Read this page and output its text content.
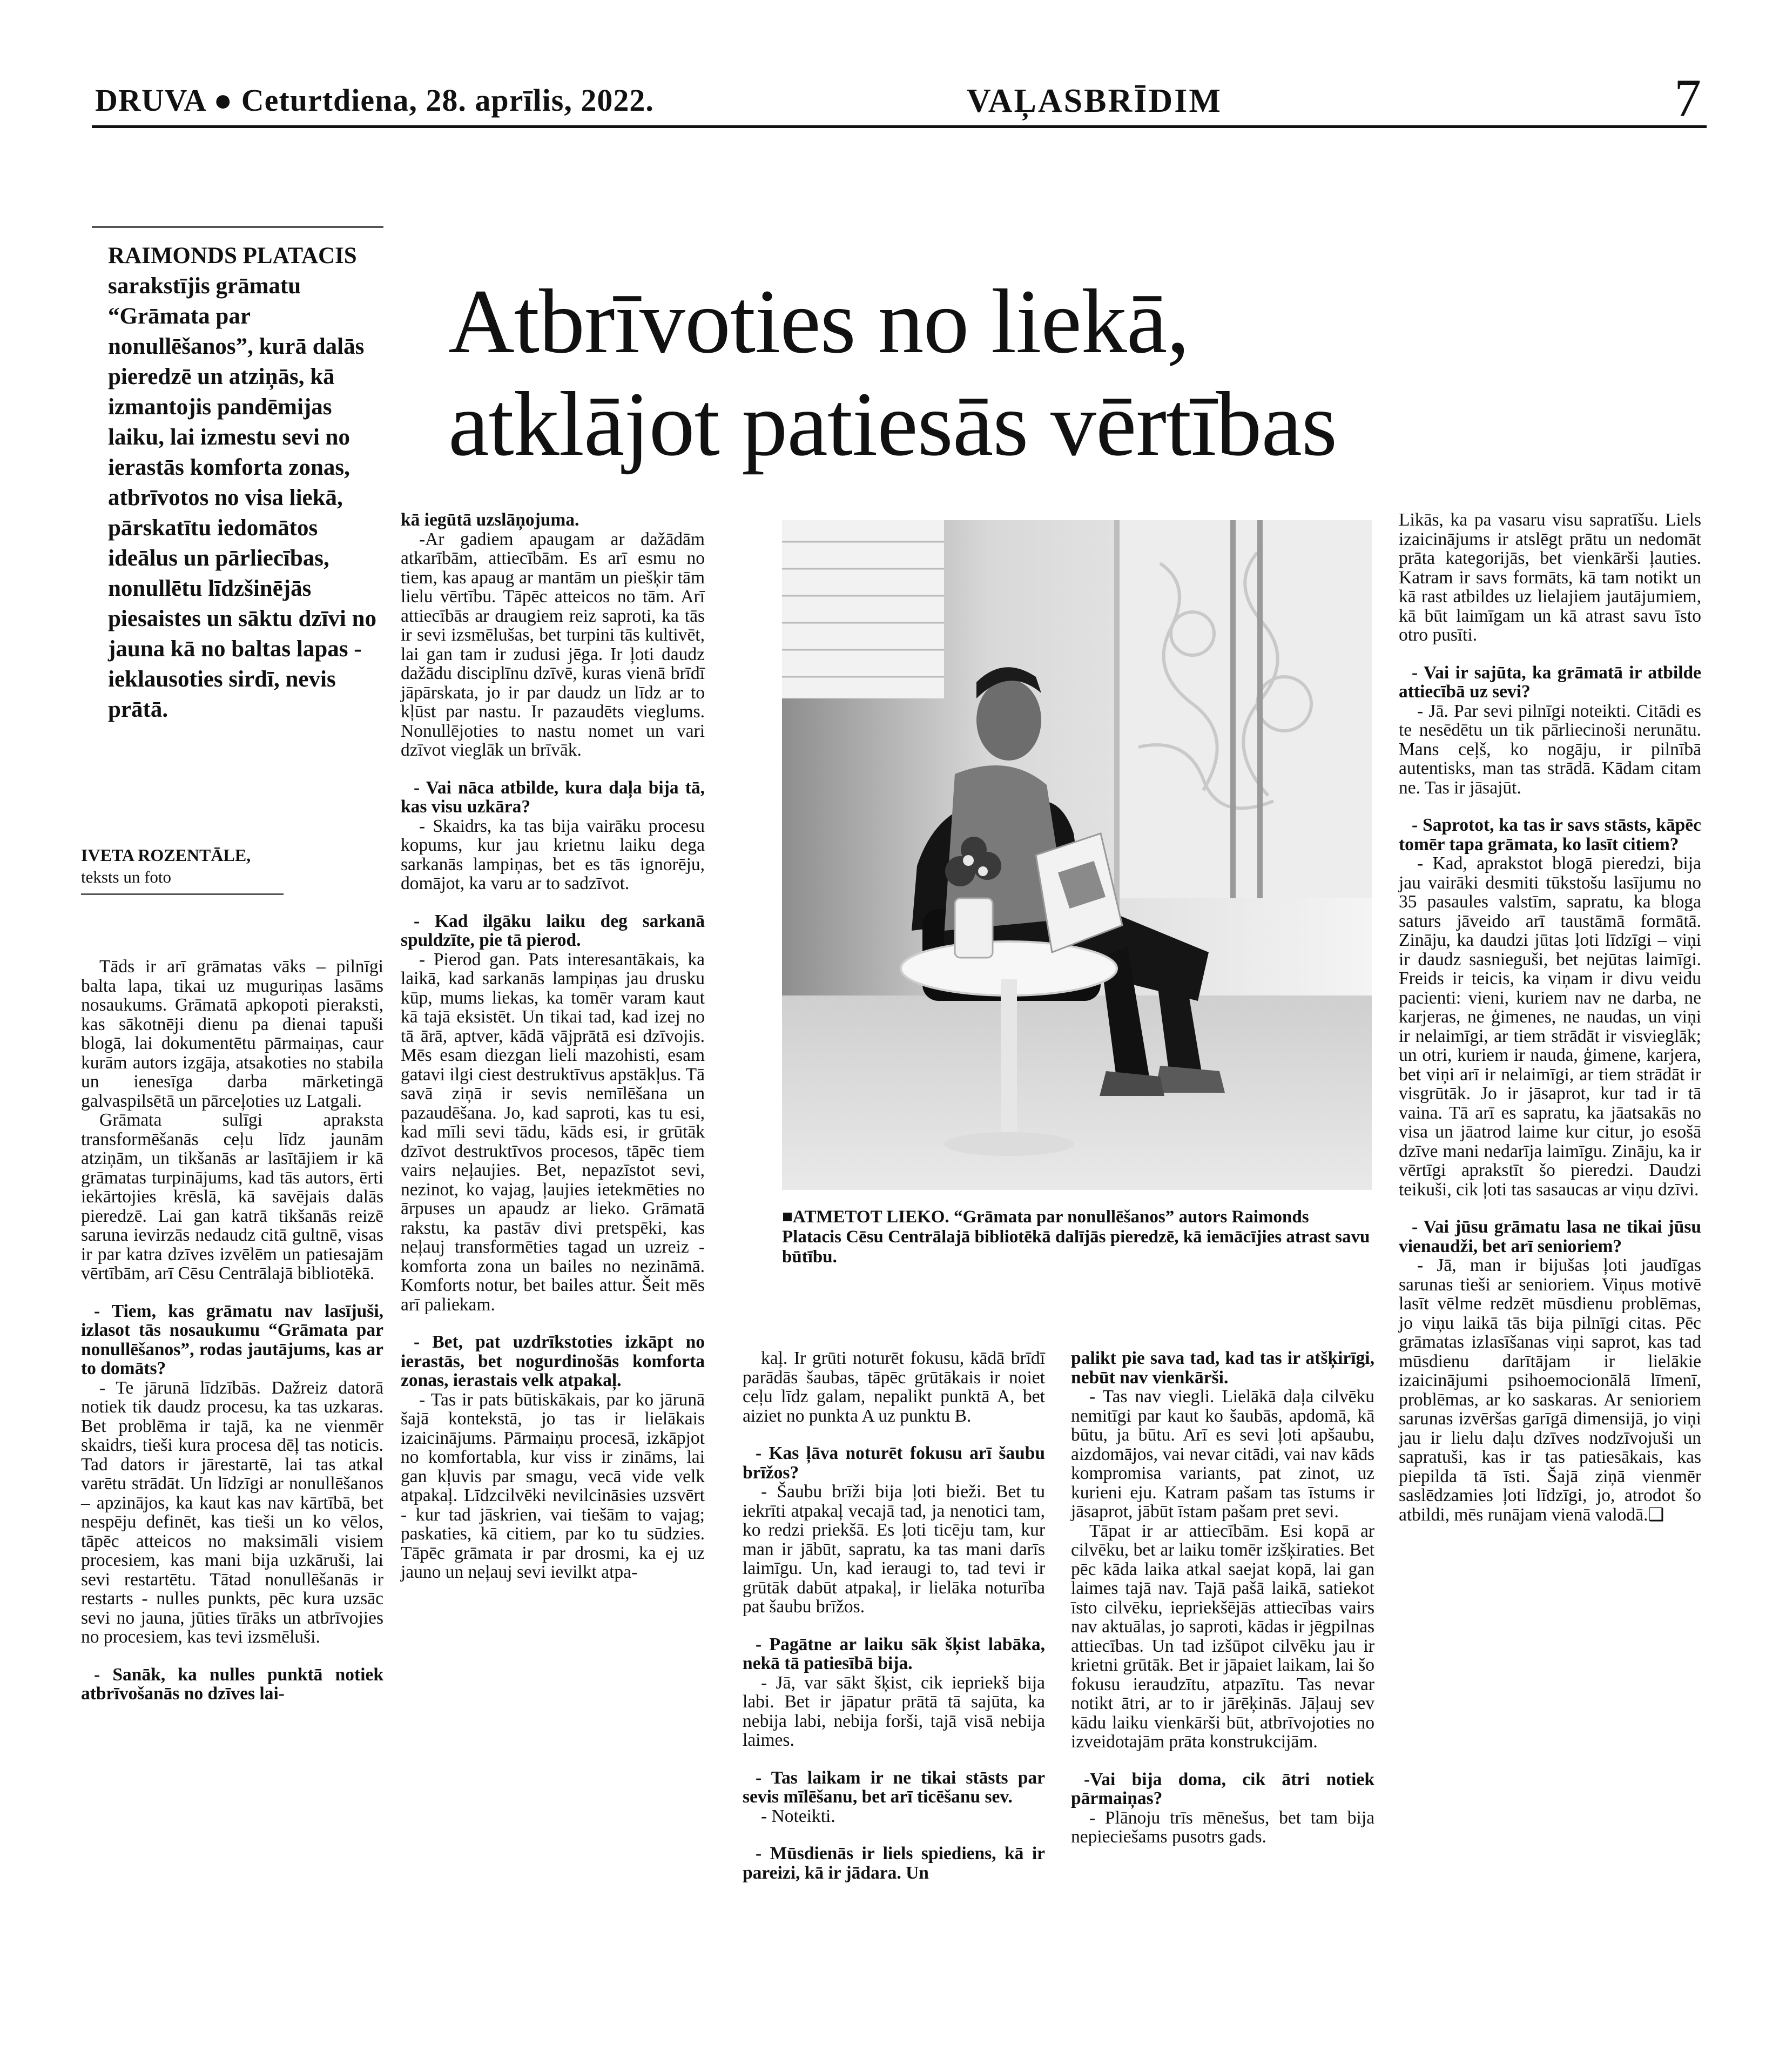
DRUVA ● Ceturtdiena, 28. aprīlis, 2022.	VAĻASBRĪDIM	7
RAIMONDS PLATACIS sarakstījis grāmatu “Grāmata par nonullēšanos”, kurā dalās pieredzē un atziņās, kā izmantojis pandēmijas laiku, lai izmestu sevi no ierastās komforta zonas, atbrīvotos no visa liekā, pārskatītu iedomātos ideālus un pārliecības, nonullētu līdzšinējās piesaistes un sāktu dzīvi no jauna kā no baltas lapas - ieklausoties sirdī, nevis prātā.
IVETA ROZENTĀLE,
teksts un foto
Atbrīvoties no liekā,
atklājot patiesās vērtības

Tāds ir arī grāmatas vāks – pilnīgi balta lapa, tikai uz muguriņas lasāms nosaukums. Grāmatā apkopoti pieraksti, kas sākotnēji dienu pa dienai tapuši blogā, lai dokumentētu pārmaiņas, caur kurām autors izgāja, atsakoties no stabila un ienesīga darba mārketingā galvaspilsētā un pārceļoties uz Latgali.

Grāmata sulīgi apraksta transformēšanās ceļu līdz jaunām atziņām, un tikšanās ar lasītājiem ir kā grāmatas turpinājums, kad tās autors, ērti iekārtojies krēslā, kā savējais dalās pieredzē. Lai gan katrā tikšanās reizē saruna ievirzās nedaudz citā gultnē, visas ir par katra dzīves izvēlēm un patiesajām vērtībām, arī Cēsu Centrālajā bibliotēkā.

- Tiem, kas grāmatu nav lasījuši, izlasot tās nosaukumu “Grāmata par nonullēšanos”, rodas jautājums, kas ar to domāts?

- Te jārunā līdzībās. Dažreiz datorā notiek tik daudz procesu, ka tas uzkaras. Bet problēma ir tajā, ka ne vienmēr skaidrs, tieši kura procesa dēļ tas noticis. Tad dators ir jārestartē, lai tas atkal varētu strādāt. Un līdzīgi ar nonullēšanos – apzinājos, ka kaut kas nav kārtībā, bet nespēju definēt, kas tieši un ko vēlos, tāpēc atteicos no maksimāli visiem procesiem, kas mani bija uzkāruši, lai sevi restartētu. Tātad nonullēšanās ir restarts - nulles punkts, pēc kura uzsāc sevi no jauna, jūties tīrāks un atbrīvojies no procesiem, kas tevi izsmēluši.

- Sanāk, ka nulles punktā notiek atbrīvošanās no dzīves lai-

kā iegūtā uzslāņojuma.

-Ar gadiem apaugam ar dažādām atkarībām, attiecībām. Es arī esmu no tiem, kas apaug ar mantām un piešķir tām lielu vērtību. Tāpēc atteicos no tām. Arī attiecībās ar draugiem reiz saproti, ka tās ir sevi izsmēlušas, bet turpini tās kultivēt, lai gan tam ir zudusi jēga. Ir ļoti daudz dažādu disciplīnu dzīvē, kuras vienā brīdī jāpārskata, jo ir par daudz un līdz ar to kļūst par nastu. Ir pazaudēts vieglums. Nonullējoties to nastu nomet un vari dzīvot vieglāk un brīvāk.

- Vai nāca atbilde, kura daļa bija tā, kas visu uzkāra?

- Skaidrs, ka tas bija vairāku procesu kopums, kur jau krietnu laiku dega sarkanās lampiņas, bet es tās ignorēju, domājot, ka varu ar to sadzīvot.

- Kad ilgāku laiku deg sarkanā spuldzīte, pie tā pierod.

- Pierod gan. Pats interesantākais, ka laikā, kad sarkanās lampiņas jau drusku kūp, mums liekas, ka tomēr varam kaut kā tajā eksistēt. Un tikai tad, kad izej no tā ārā, aptver, kādā vājprātā esi dzīvojis. Mēs esam diezgan lieli mazohisti, esam gatavi ilgi ciest destruktīvus apstākļus. Tā savā ziņā ir sevis nemīlēšana un pazaudēšana. Jo, kad saproti, kas tu esi, kad mīli sevi tādu, kāds esi, ir grūtāk dzīvot destruktīvos procesos, tāpēc tiem vairs neļaujies. Bet, nepazīstot sevi, nezinot, ko vajag, ļaujies ietekmēties no ārpuses un apaudz ar lieko. Grāmatā rakstu, ka pastāv divi pretspēki, kas neļauj transformēties tagad un uzreiz - komforta zona un bailes no nezināmā. Komforts notur, bet bailes attur. Šeit mēs arī paliekam.

- Bet, pat uzdrīkstoties izkāpt no ierastās, bet nogurdinošās komforta zonas, ierastais velk atpakaļ.

- Tas ir pats būtiskākais, par ko jārunā šajā kontekstā, jo tas ir lielākais izaicinājums. Pārmaiņu procesā, izkāpjot no komfortabla, kur viss ir zināms, lai gan kļuvis par smagu, vecā vide velk atpakaļ. Līdzcilvēki nevilcināsies uzsvērt - kur tad jāskrien, vai tiešām to vajag; paskaties, kā citiem, par ko tu sūdzies. Tāpēc grāmata ir par drosmi, ka ej uz jauno un neļauj sevi ievilkt atpa-

kaļ. Ir grūti noturēt fokusu, kādā brīdī parādās šaubas, tāpēc grūtākais ir noiet ceļu līdz galam, nepalikt punktā A, bet aiziet no punkta A uz punktu B.

- Kas ļāva noturēt fokusu arī šaubu brīžos?

- Šaubu brīži bija ļoti bieži. Bet tu iekrīti atpakaļ vecajā tad, ja nenotici tam, ko redzi priekšā. Es ļoti ticēju tam, kur man ir jābūt, sapratu, ka tas mani darīs laimīgu. Un, kad ieraugi to, tad tevi ir grūtāk dabūt atpakaļ, ir lielāka noturība pat šaubu brīžos.

- Pagātne ar laiku sāk šķist labāka, nekā tā patiesībā bija.

- Jā, var sākt šķist, cik iepriekš bija labi. Bet ir jāpatur prātā tā sajūta, ka nebija labi, nebija forši, tajā visā nebija laimes.

- Tas laikam ir ne tikai stāsts par sevis mīlēšanu, bet arī ticēšanu sev.

- Noteikti.

- Mūsdienās ir liels spiediens, kā ir pareizi, kā ir jādara. Un

palikt pie sava tad, kad tas ir atšķirīgi, nebūt nav vienkārši.

- Tas nav viegli. Lielākā daļa cilvēku nemitīgi par kaut ko šaubās, apdomā, kā būtu, ja būtu. Arī es sevi ļoti apšaubu, aizdomājos, vai nevar citādi, vai nav kāds kompromisa variants, pat zinot, uz kurieni eju. Katram pašam tas īstums ir jāsaprot, jābūt īstam pašam pret sevi.

Tāpat ir ar attiecībām. Esi kopā ar cilvēku, bet ar laiku tomēr izšķiraties. Bet pēc kāda laika atkal saejat kopā, lai gan laimes tajā nav. Tajā pašā laikā, satiekot īsto cilvēku, iepriekšējās attiecības vairs nav aktuālas, jo saproti, kādas ir jēgpilnas attiecības. Un tad izšūpot cilvēku jau ir krietni grūtāk. Bet ir jāpaiet laikam, lai šo fokusu ieraudzītu, atpazītu. Tas nevar notikt ātri, ar to ir jārēķinās. Jāļauj sev kādu laiku vienkārši būt, atbrīvojoties no izveidotajām prāta konstrukcijām.

-Vai bija doma, cik ātri notiek pārmaiņas?

- Plānoju trīs mēnešus, bet tam bija nepieciešams pusotrs gads.

Likās, ka pa vasaru visu sapratīšu. Liels izaicinājums ir atslēgt prātu un nedomāt prāta kategorijās, bet vienkārši ļauties. Katram ir savs formāts, kā tam notikt un kā rast atbildes uz lielajiem jautājumiem, kā būt laimīgam un kā atrast savu īsto otro pusīti.

- Vai ir sajūta, ka grāmatā ir atbilde attiecībā uz sevi?

- Jā. Par sevi pilnīgi noteikti. Citādi es te nesēdētu un tik pārliecinoši nerunātu. Mans ceļš, ko nogāju, ir pilnībā autentisks, man tas strādā. Kādam citam ne. Tas ir jāsajūt.

- Saprotot, ka tas ir savs stāsts, kāpēc tomēr tapa grāmata, ko lasīt citiem?

- Kad, aprakstot blogā pieredzi, bija jau vairāki desmiti tūkstošu lasījumu no 35 pasaules valstīm, sapratu, ka bloga saturs jāveido arī taustāmā formātā. Zināju, ka daudzi jūtas ļoti līdzīgi – viņi ir daudz sasnieguši, bet nejūtas laimīgi. Freids ir teicis, ka viņam ir divu veidu pacienti: vieni, kuriem nav ne darba, ne karjeras, ne ģimenes, ne naudas, un viņi ir nelaimīgi, ar tiem strādāt ir visvieglāk; un otri, kuriem ir nauda, ģimene, karjera, bet viņi arī ir nelaimīgi, ar tiem strādāt ir visgrūtāk. Jo ir jāsaprot, kur tad ir tā vaina. Tā arī es sapratu, ka jāatsakās no visa un jāatrod laime kur citur, jo esošā dzīve mani nedarīja laimīgu. Zināju, ka ir vērtīgi aprakstīt šo pieredzi. Daudzi teikuši, cik ļoti tas sasaucas ar viņu dzīvi.

- Vai jūsu grāmatu lasa ne tikai jūsu vienaudži, bet arī senioriem?

- Jā, man ir bijušas ļoti jaudīgas sarunas tieši ar senioriem. Viņus motivē lasīt vēlme redzēt mūsdienu problēmas, jo viņu laikā tās bija pilnīgi citas. Pēc grāmatas izlasīšanas viņi saprot, kas tad mūsdienu darītājam ir lielākie izaicinājumi psihoemocionālā līmenī, problēmas, ar ko saskaras. Ar senioriem sarunas izvēršas garīgā dimensijā, jo viņi jau ir lielu daļu dzīves nodzīvojuši un sapratuši, kas ir tas patiesākais, kas piepilda tā īsti. Šajā ziņā vienmēr saslēdzamies ļoti līdzīgi, jo, atrodot šo atbildi, mēs runājam vienā valodā.❑

■ATMETOT LIEKO. “Grāmata par nonullēšanos” autors Raimonds Platacis Cēsu Centrālajā bibliotēkā dalījās pieredzē, kā iemācījies atrast savu būtību.
